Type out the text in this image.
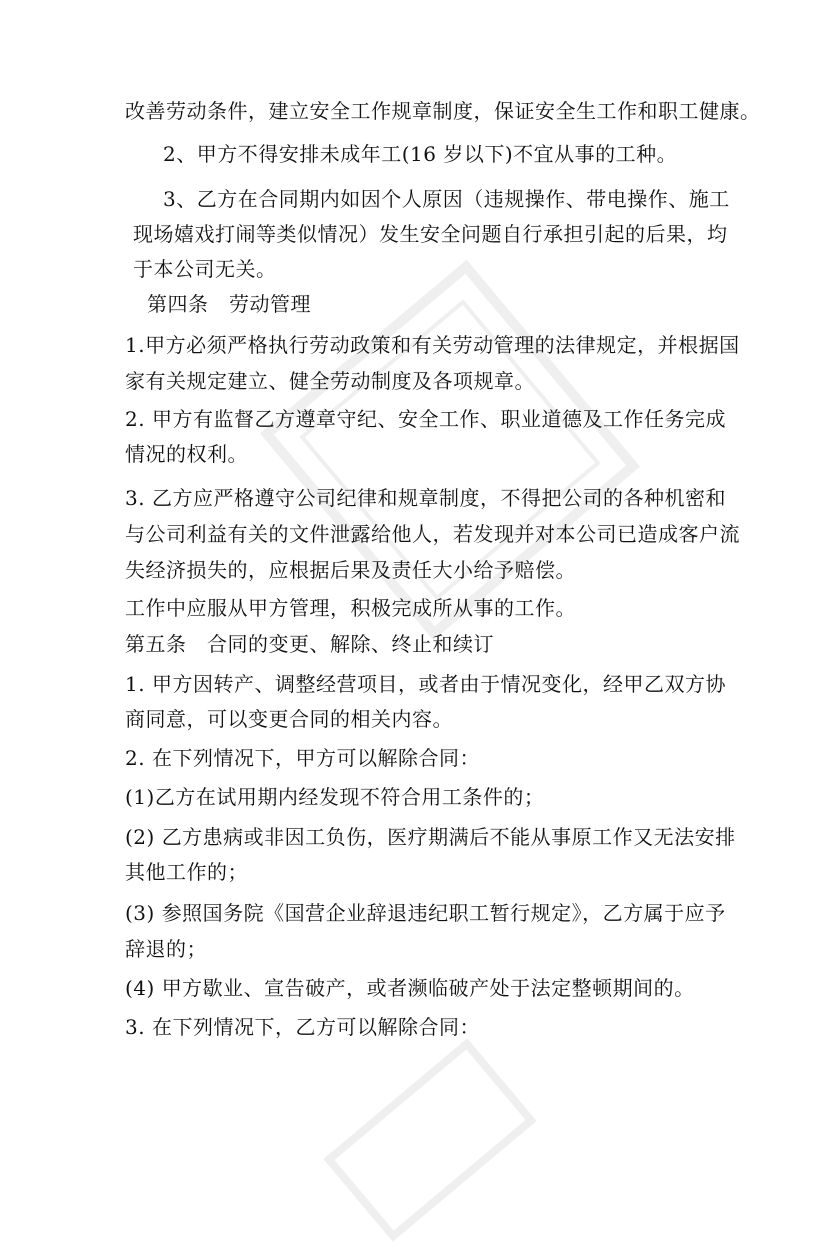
改善劳动条件，建立安全工作规章制度，保证安全生工作和职工健康。
2、甲方不得安排未成年工(16 岁以下)不宜从事的工种。
3、乙方在合同期内如因个人原因（违规操作、带电操作、施工
现场嬉戏打闹等类似情况）发生安全问题自行承担引起的后果，均
于本公司无关。
第四条　劳动管理
1.甲方必须严格执行劳动政策和有关劳动管理的法律规定，并根据国
家有关规定建立、健全劳动制度及各项规章。
2. 甲方有监督乙方遵章守纪、安全工作、职业道德及工作任务完成
情况的权利。
3. 乙方应严格遵守公司纪律和规章制度，不得把公司的各种机密和
与公司利益有关的文件泄露给他人，若发现并对本公司已造成客户流
失经济损失的，应根据后果及责任大小给予赔偿。
工作中应服从甲方管理，积极完成所从事的工作。
第五条　合同的变更、解除、终止和续订
1. 甲方因转产、调整经营项目，或者由于情况变化，经甲乙双方协
商同意，可以变更合同的相关内容。
2. 在下列情况下，甲方可以解除合同：
(1)乙方在试用期内经发现不符合用工条件的；
(2) 乙方患病或非因工负伤，医疗期满后不能从事原工作又无法安排
其他工作的；
(3) 参照国务院《国营企业辞退违纪职工暂行规定》，乙方属于应予
辞退的；
(4) 甲方歇业、宣告破产，或者濒临破产处于法定整顿期间的。
3. 在下列情况下，乙方可以解除合同：
